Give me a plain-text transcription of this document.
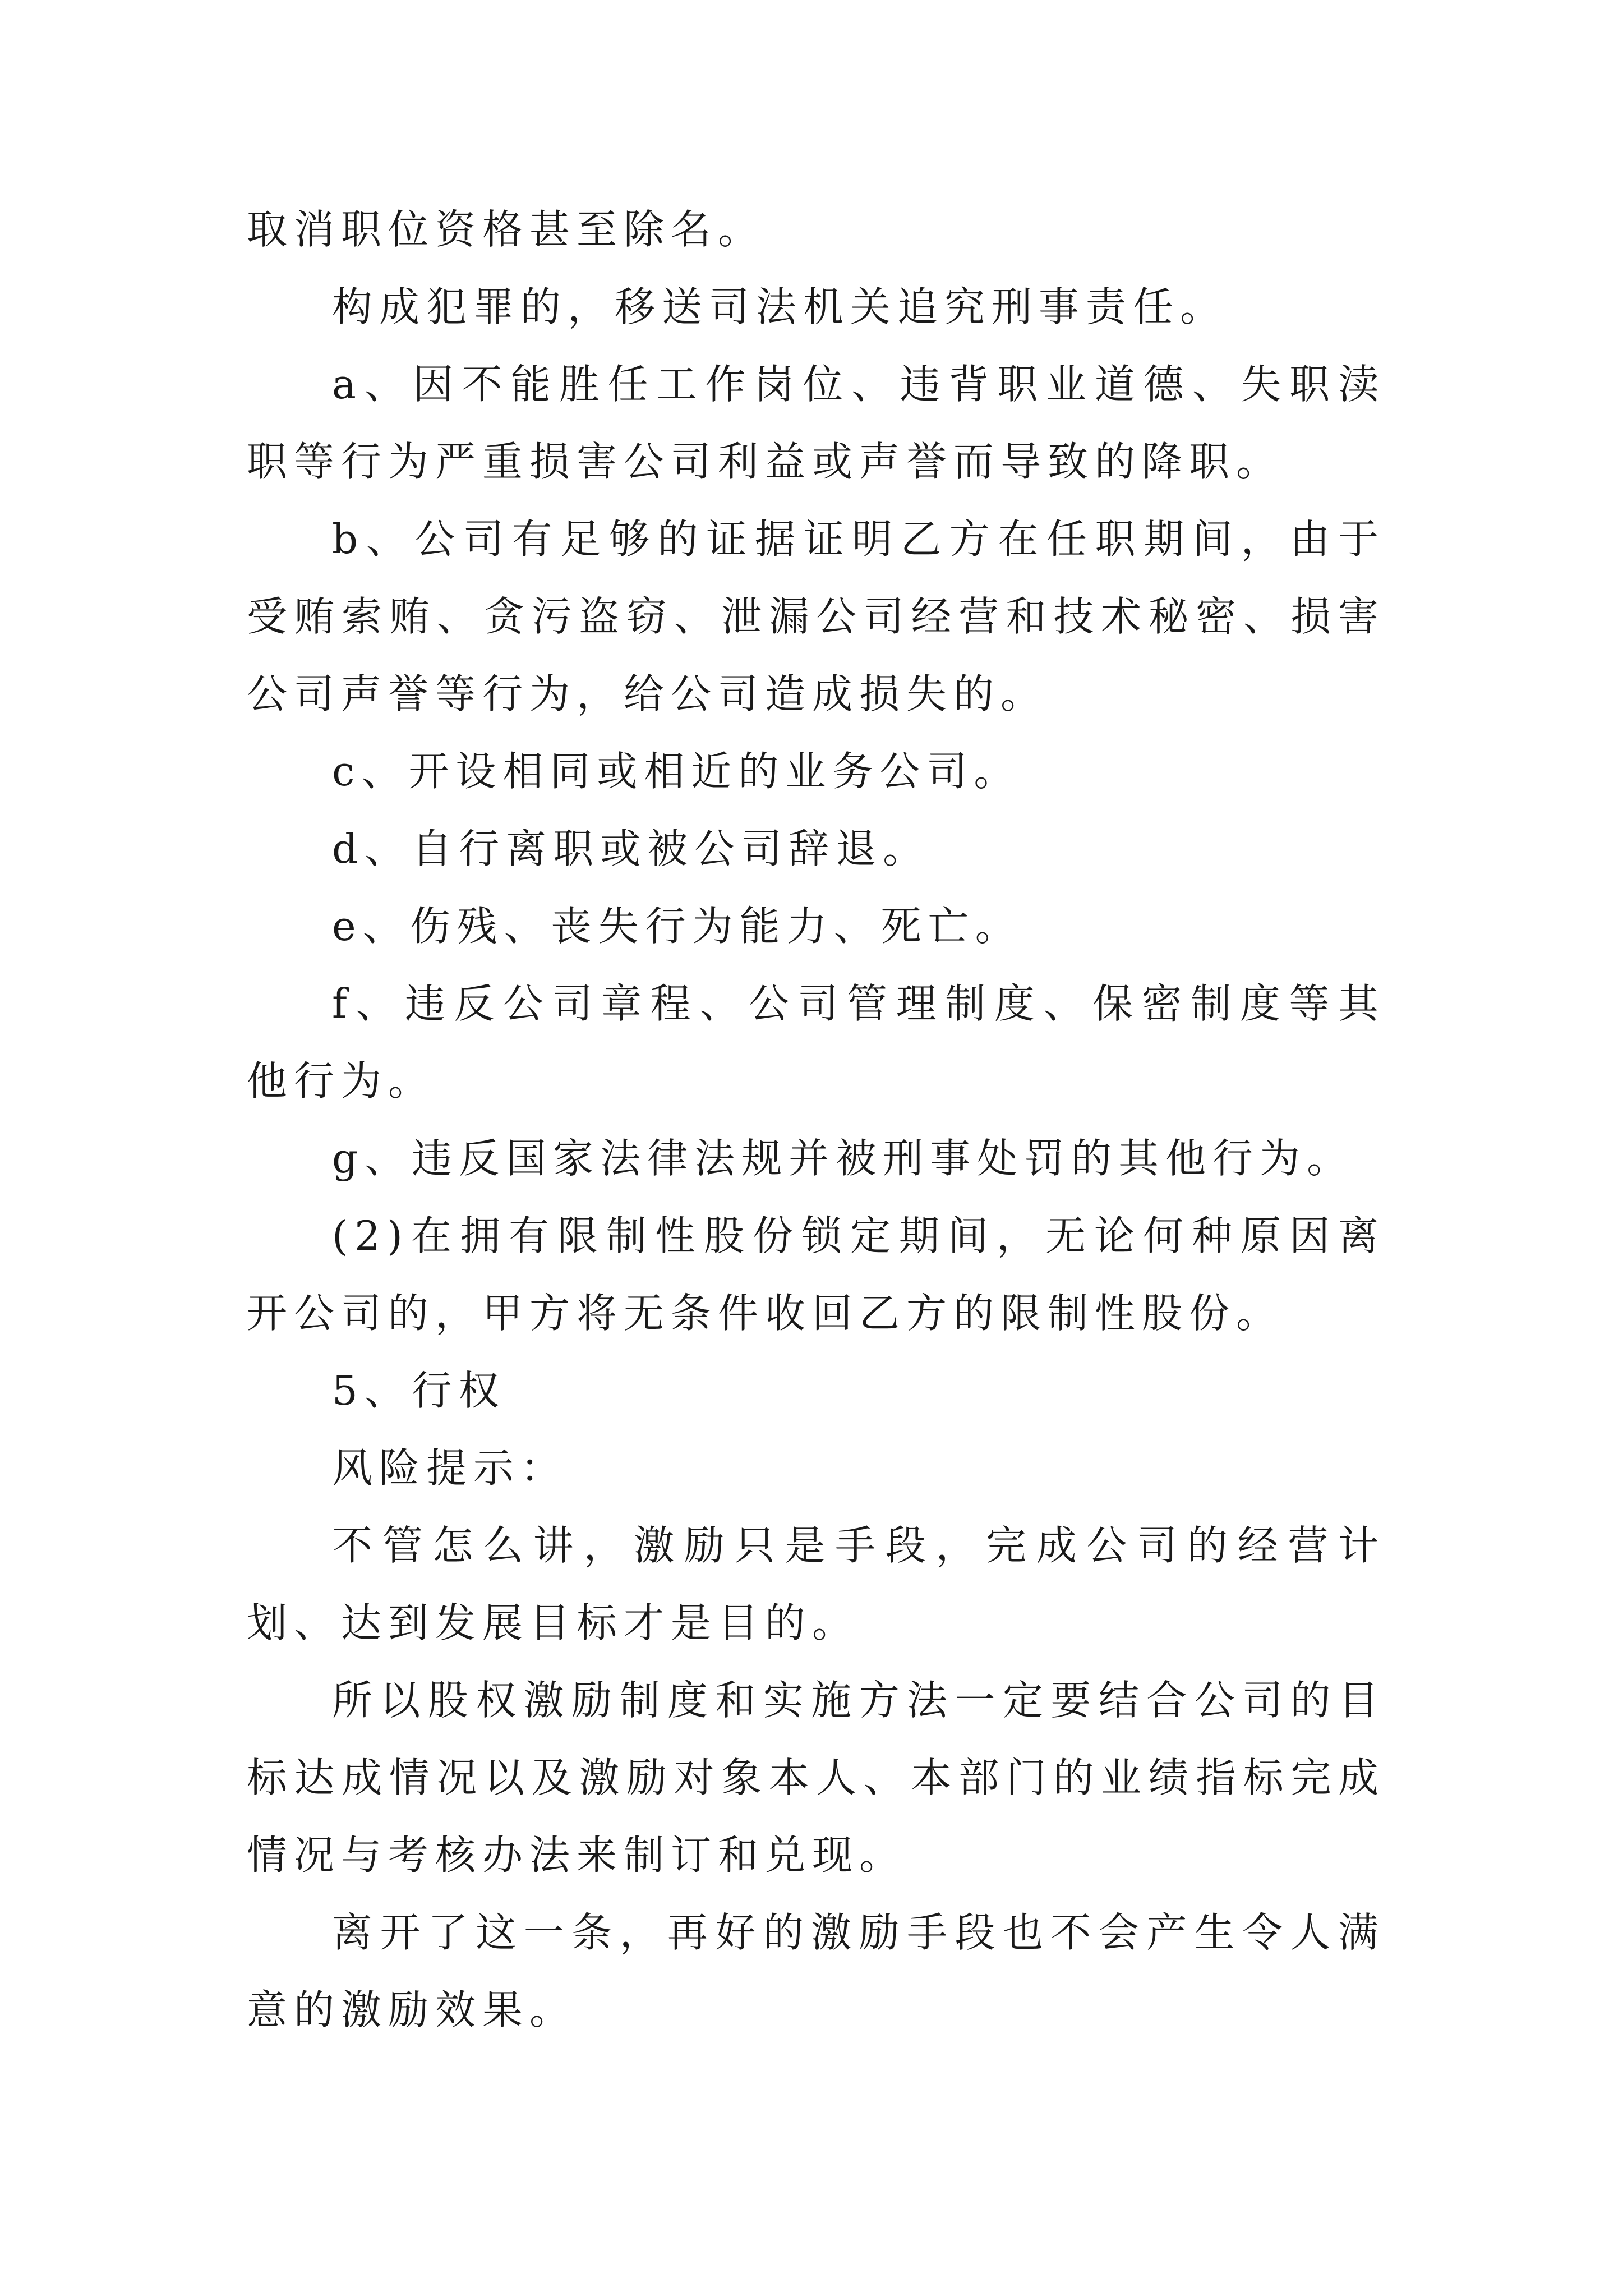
取消职位资格甚至除名。

构成犯罪的，移送司法机关追究刑事责任。

a、因不能胜任工作岗位、违背职业道德、失职渎职等行为严重损害公司利益或声誉而导致的降职。

b、公司有足够的证据证明乙方在任职期间，由于受贿索贿、贪污盗窃、泄漏公司经营和技术秘密、损害公司声誉等行为，给公司造成损失的。

c、开设相同或相近的业务公司。

d、自行离职或被公司辞退。

e、伤残、丧失行为能力、死亡。

f、违反公司章程、公司管理制度、保密制度等其他行为。

g、违反国家法律法规并被刑事处罚的其他行为。

(2)在拥有限制性股份锁定期间，无论何种原因离开公司的，甲方将无条件收回乙方的限制性股份。

5、行权

风险提示：

不管怎么讲，激励只是手段，完成公司的经营计划、达到发展目标才是目的。

所以股权激励制度和实施方法一定要结合公司的目标达成情况以及激励对象本人、本部门的业绩指标完成情况与考核办法来制订和兑现。

离开了这一条，再好的激励手段也不会产生令人满意的激励效果。
